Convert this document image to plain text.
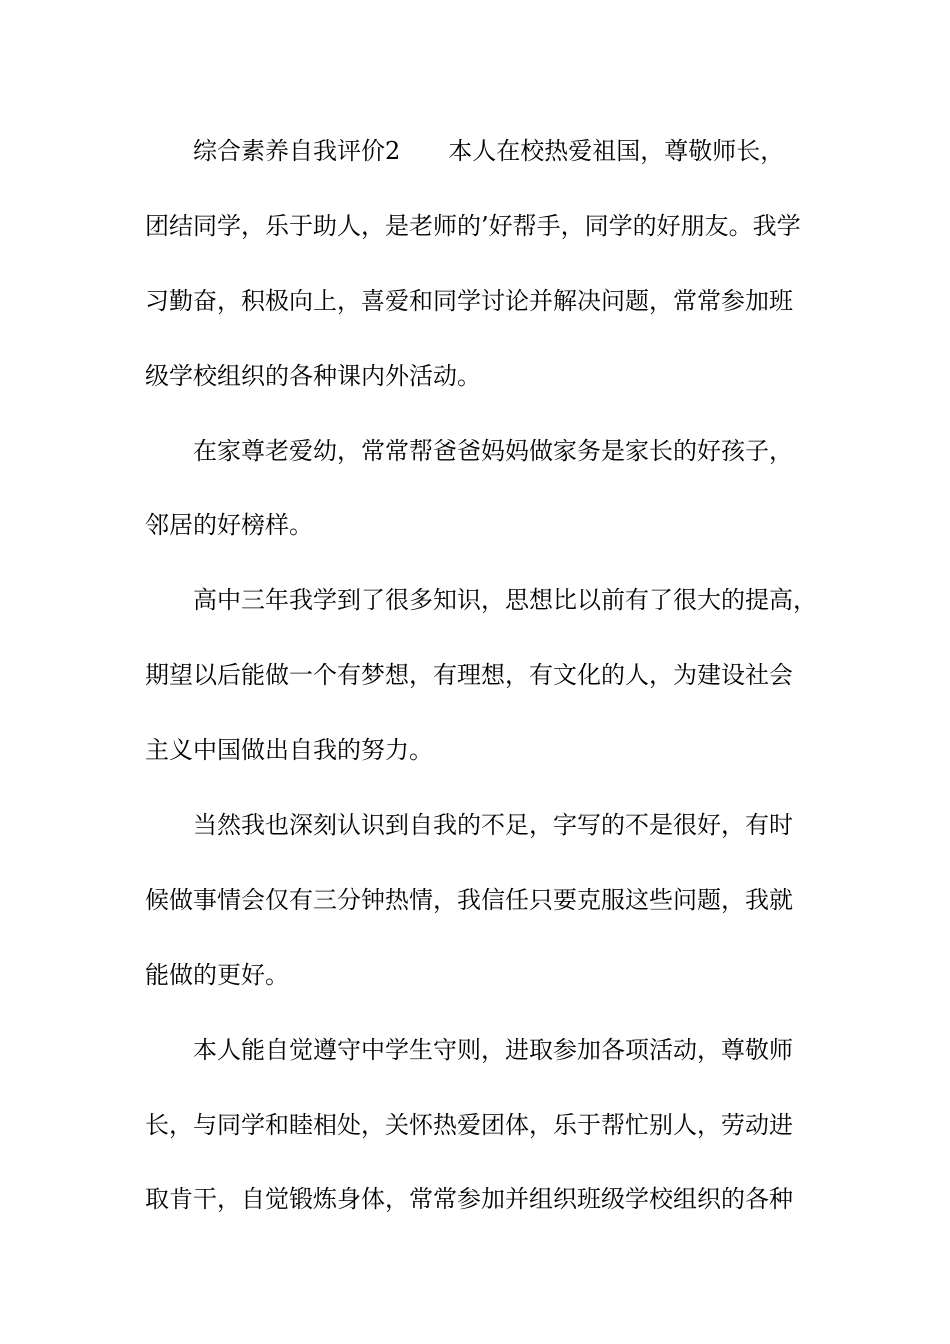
综合素养自我评价2 本人在校热爱祖国，尊敬师长，
团结同学，乐于助人，是老师的’好帮手，同学的好朋友。我学
习勤奋，积极向上，喜爱和同学讨论并解决问题，常常参加班
级学校组织的各种课内外活动。
在家尊老爱幼，常常帮爸爸妈妈做家务是家长的好孩子，
邻居的好榜样。
高中三年我学到了很多知识，思想比以前有了很大的提高，
期望以后能做一个有梦想，有理想，有文化的人，为建设社会
主义中国做出自我的努力。
当然我也深刻认识到自我的不足，字写的不是很好，有时
候做事情会仅有三分钟热情，我信任只要克服这些问题，我就
能做的更好。
本人能自觉遵守中学生守则，进取参加各项活动，尊敬师
长，与同学和睦相处，关怀热爱团体，乐于帮忙别人，劳动进
取肯干，自觉锻炼身体，常常参加并组织班级学校组织的各种
